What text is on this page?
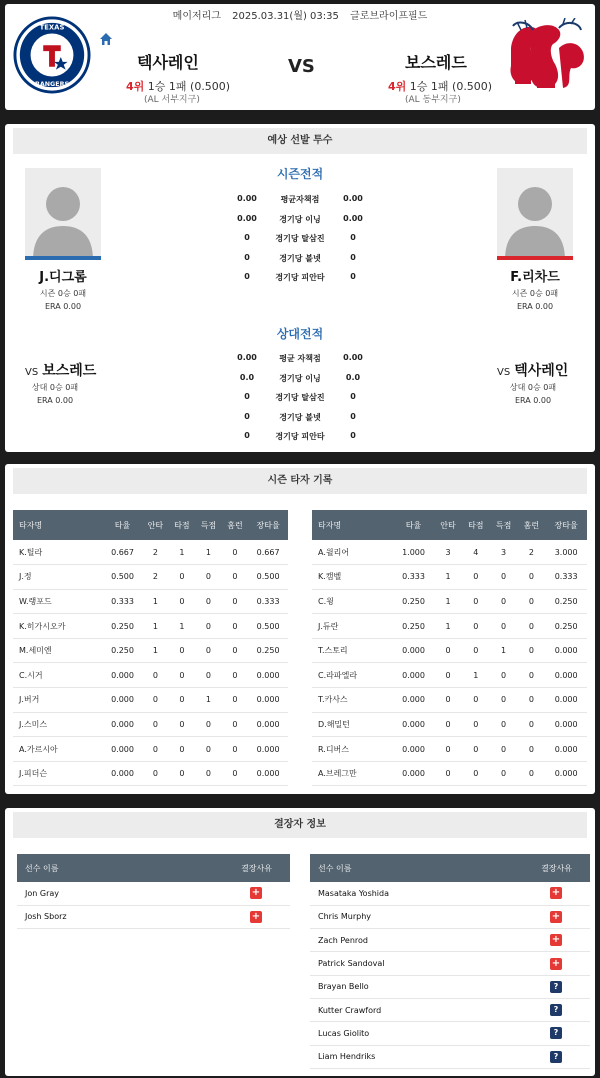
메이저리그 2025.03.31(월) 03:35 글로브라이프필드
TEXAS
RANGERS
텍사레인
4위 1승 1패 (0.500)
(AL 서부지구)
VS	보스레드
4위 1승 1패 (0.500)
(AL 동부지구)
예상 선발 투수
J.디그롬
시즌 0승 0패
ERA 0.00
F.리차드
시즌 0승 0패
ERA 0.00
시즌전적
0.00	평균자책점	0.00
0.00	경기당 이닝	0.00
0	경기당 탈삼진	0
0	경기당 볼넷	0
0	경기당 피안타	0
상대전적
0.00	평균 자책점	0.00
0.0	경기당 이닝	0.0
0	경기당 탈삼진	0
0	경기당 볼넷	0
0	경기당 피안타	0
VS 보스레드
상대 0승 0패
ERA 0.00
VS 텍사레인
상대 0승 0패
ERA 0.00
시즌 타자 기록
타자명	타율	안타	타점	득점	홈런	장타율
K.틸라	0.667	2	1	1	0	0.667
J.정	0.500	2	0	0	0	0.500
W.랭포드	0.333	1	0	0	0	0.333
K.히가시오카	0.250	1	1	0	0	0.500
M.세미엔	0.250	1	0	0	0	0.250
C.시거	0.000	0	0	0	0	0.000
J.버거	0.000	0	0	1	0	0.000
J.스미스	0.000	0	0	0	0	0.000
A.가르시아	0.000	0	0	0	0	0.000
J.피더슨	0.000	0	0	0	0	0.000
타자명	타율	안타	타점	득점	홈런	장타율
A.윌리어	1.000	3	4	3	2	3.000
K.캠벨	0.333	1	0	0	0	0.333
C.윙	0.250	1	0	0	0	0.250
J.듀란	0.250	1	0	0	0	0.250
T.스토리	0.000	0	0	1	0	0.000
C.라파엘라	0.000	0	1	0	0	0.000
T.카사스	0.000	0	0	0	0	0.000
D.해밀턴	0.000	0	0	0	0	0.000
R.디버스	0.000	0	0	0	0	0.000
A.브레그만	0.000	0	0	0	0	0.000
결장자 정보
선수 이름	결장사유
Jon Gray	+
Josh Sborz	+
선수 이름	결장사유
Masataka Yoshida	+
Chris Murphy	+
Zach Penrod	+
Patrick Sandoval	+
Brayan Bello	?
Kutter Crawford	?
Lucas Giolito	?
Liam Hendriks	?
